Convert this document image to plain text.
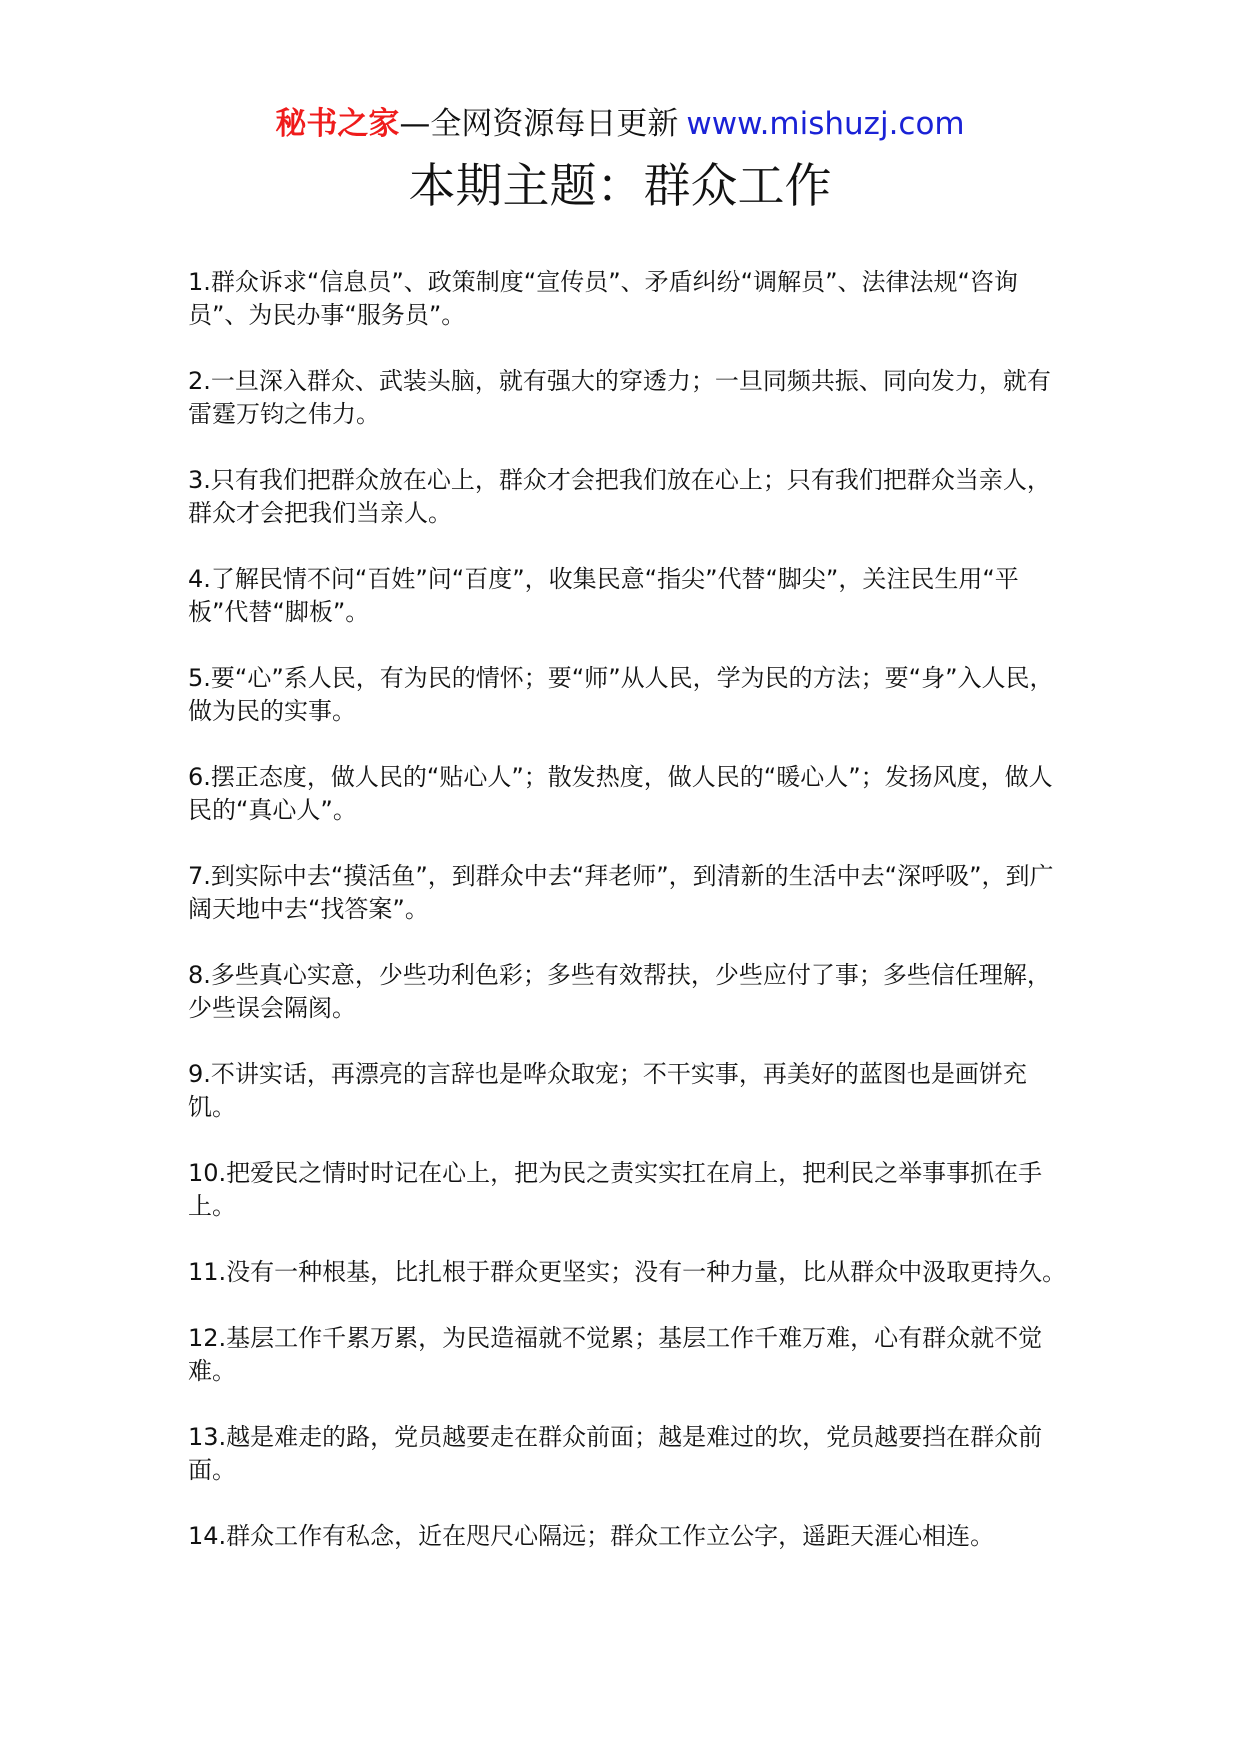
秘书之家—全网资源每日更新 www.mishuzj.com
本期主题：群众工作

1.群众诉求“信息员”、政策制度“宣传员”、矛盾纠纷“调解员”、法律法规“咨询员”、为民办事“服务员”。

2.一旦深入群众、武装头脑，就有强大的穿透力；一旦同频共振、同向发力，就有雷霆万钧之伟力。

3.只有我们把群众放在心上，群众才会把我们放在心上；只有我们把群众当亲人，群众才会把我们当亲人。

4.了解民情不问“百姓”问“百度”，收集民意“指尖”代替“脚尖”，关注民生用“平板”代替“脚板”。

5.要“心”系人民，有为民的情怀；要“师”从人民，学为民的方法；要“身”入人民，做为民的实事。

6.摆正态度，做人民的“贴心人”；散发热度，做人民的“暖心人”；发扬风度，做人民的“真心人”。

7.到实际中去“摸活鱼”，到群众中去“拜老师”，到清新的生活中去“深呼吸”，到广阔天地中去“找答案”。

8.多些真心实意，少些功利色彩；多些有效帮扶，少些应付了事；多些信任理解，少些误会隔阂。

9.不讲实话，再漂亮的言辞也是哗众取宠；不干实事，再美好的蓝图也是画饼充饥。

10.把爱民之情时时记在心上，把为民之责实实扛在肩上，把利民之举事事抓在手上。

11.没有一种根基，比扎根于群众更坚实；没有一种力量，比从群众中汲取更持久。

12.基层工作千累万累，为民造福就不觉累；基层工作千难万难，心有群众就不觉难。

13.越是难走的路，党员越要走在群众前面；越是难过的坎，党员越要挡在群众前面。

14.群众工作有私念，近在咫尺心隔远；群众工作立公字，遥距天涯心相连。
